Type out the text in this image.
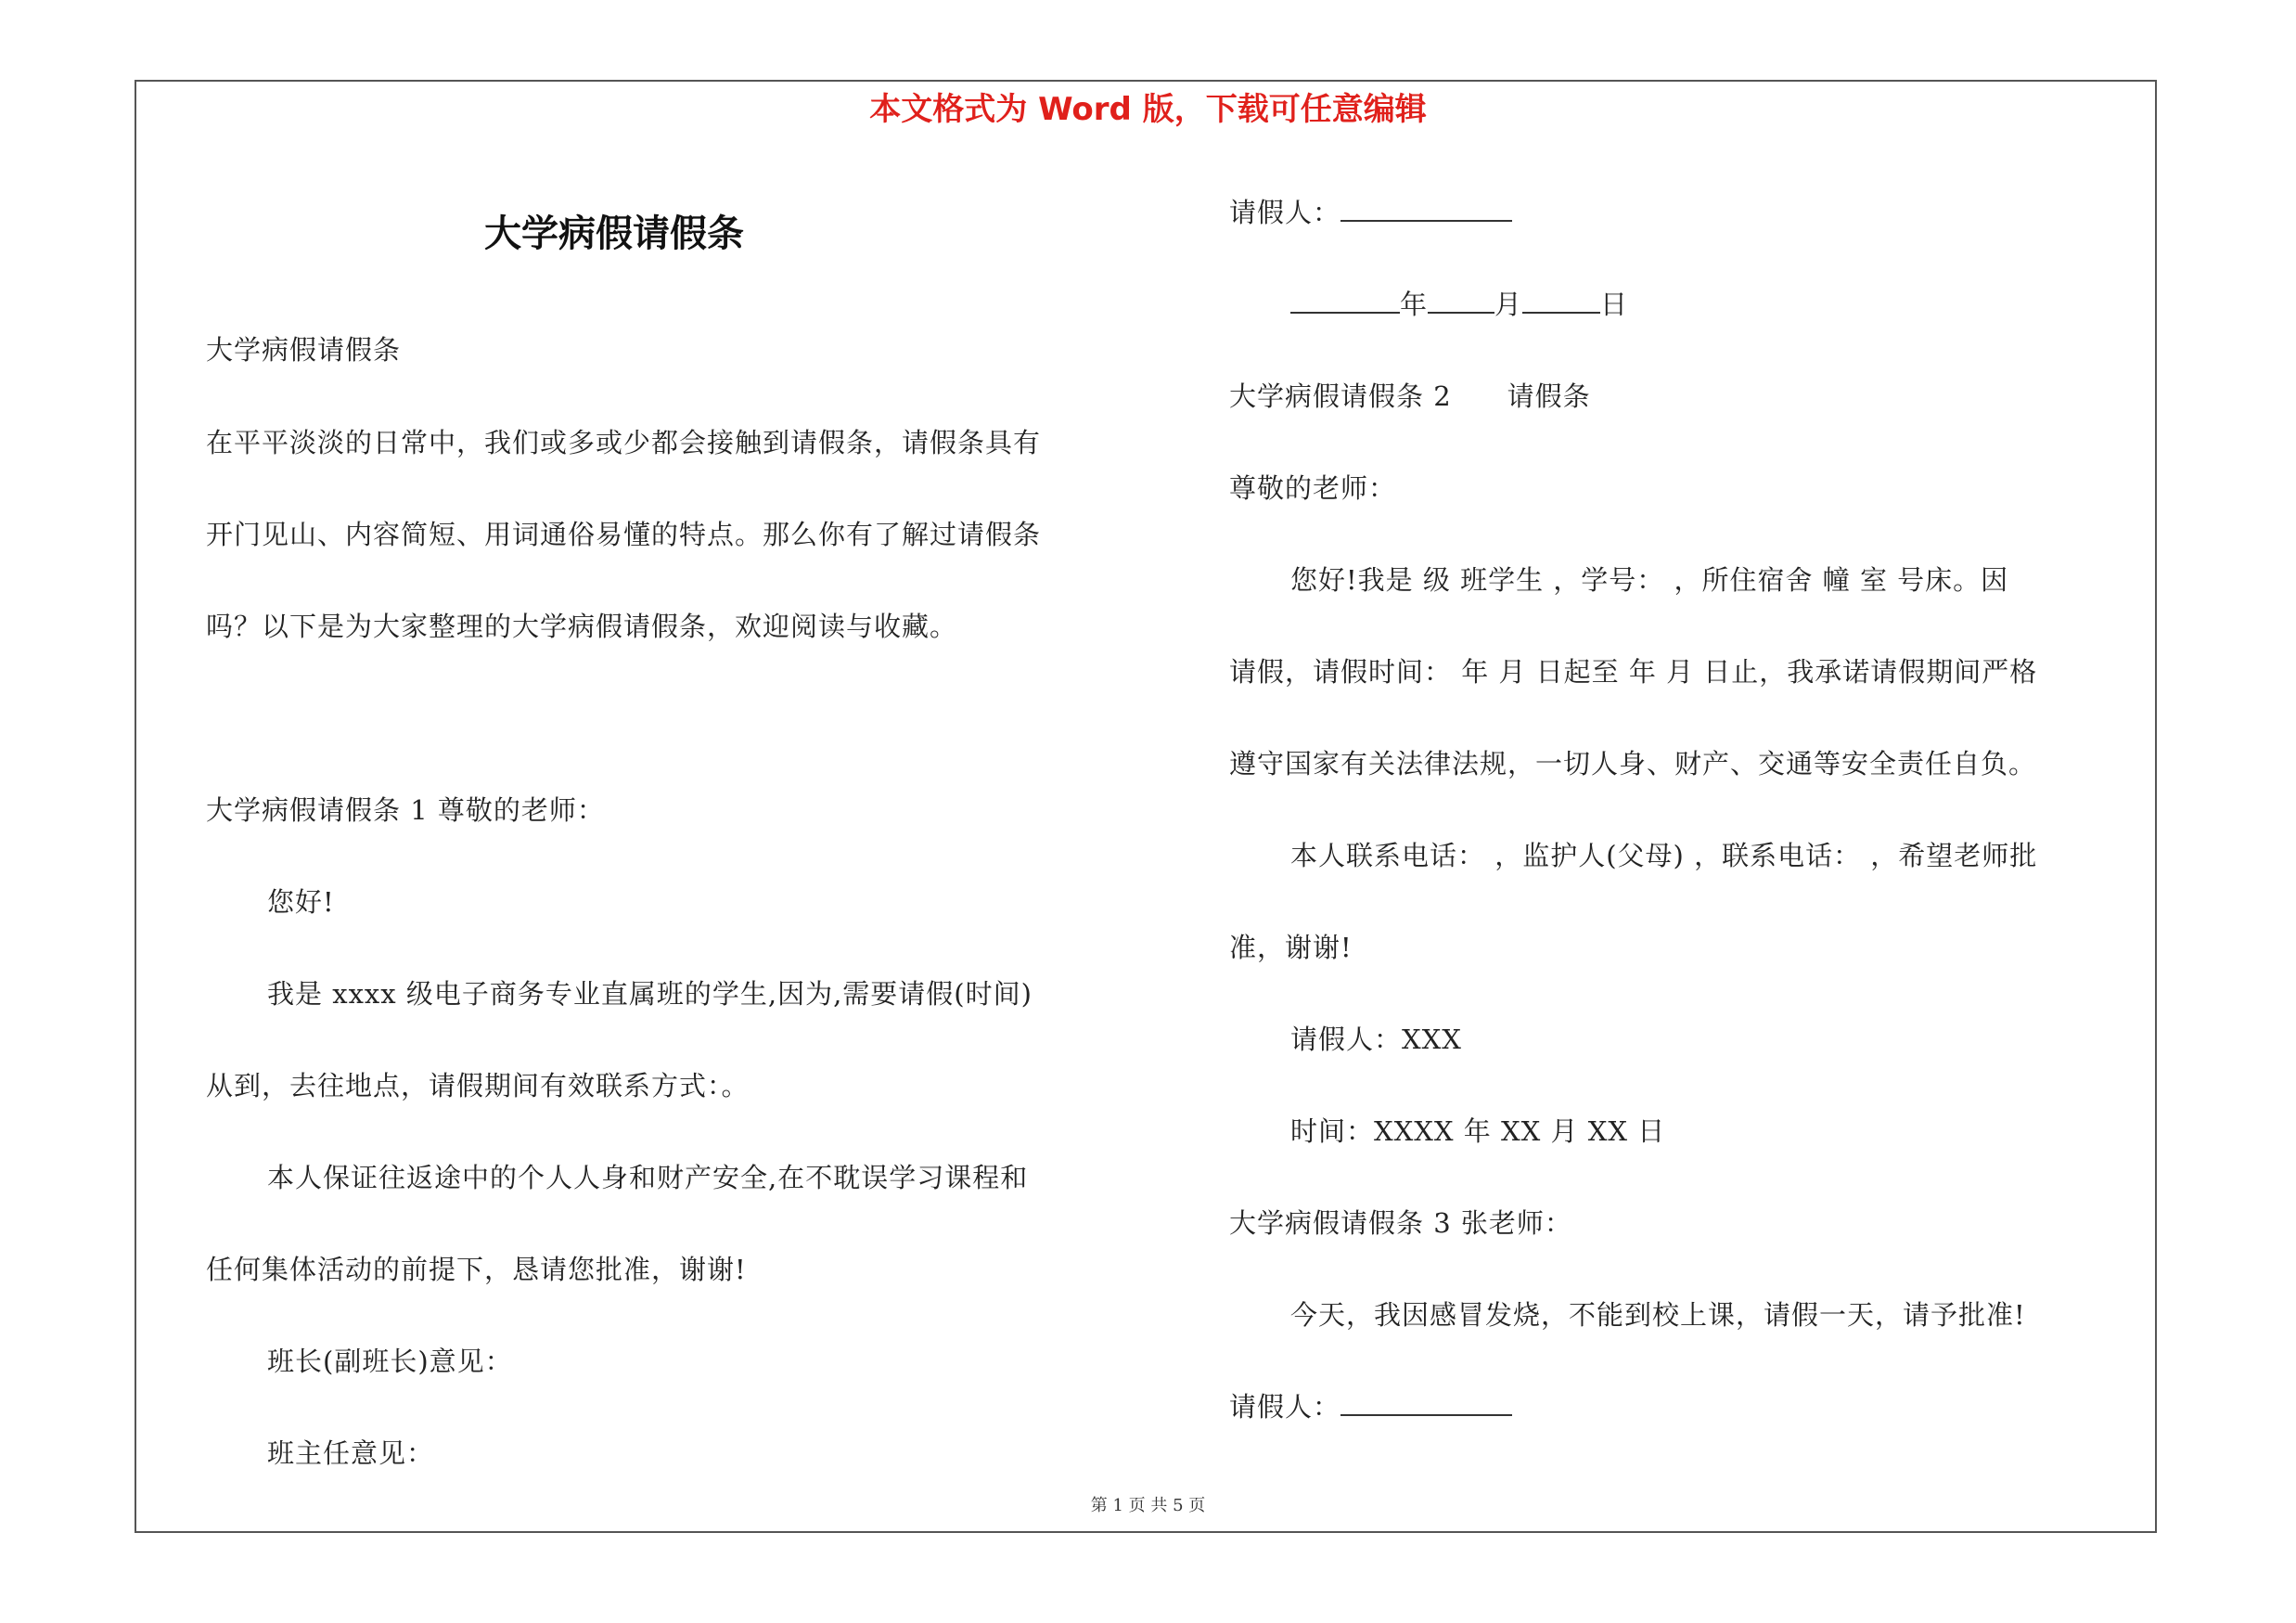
本文格式为 Word 版，下载可任意编辑
大学病假请假条
大学病假请假条
在平平淡淡的日常中，我们或多或少都会接触到请假条，请假条具有
开门见山、内容简短、用词通俗易懂的特点。那么你有了解过请假条
吗？以下是为大家整理的大学病假请假条，欢迎阅读与收藏。
大学病假请假条 1 尊敬的老师：
您好!
我是 xxxx 级电子商务专业直属班的学生,因为,需要请假(时间)
从到，去往地点，请假期间有效联系方式：。
本人保证往返途中的个人人身和财产安全,在不耽误学习课程和
任何集体活动的前提下，恳请您批准，谢谢!
班长(副班长)意见：
班主任意见：
请假人：
年 月	日
大学病假请假条 2 请假条
尊敬的老师：
您好!我是 级 班学生 ，学号： ，所住宿舍 幢 室 号床。因
请假，请假时间： 年 月 日起至 年 月 日止，我承诺请假期间严格
遵守国家有关法律法规，一切人身、财产、交通等安全责任自负。
本人联系电话： ，监护人(父母) ，联系电话： ，希望老师批
准，谢谢!
请假人：XXX
时间：XXXX 年 XX 月 XX 日
大学病假请假条 3 张老师：
今天，我因感冒发烧，不能到校上课，请假一天，请予批准!
请假人：
第 1 页 共 5 页
